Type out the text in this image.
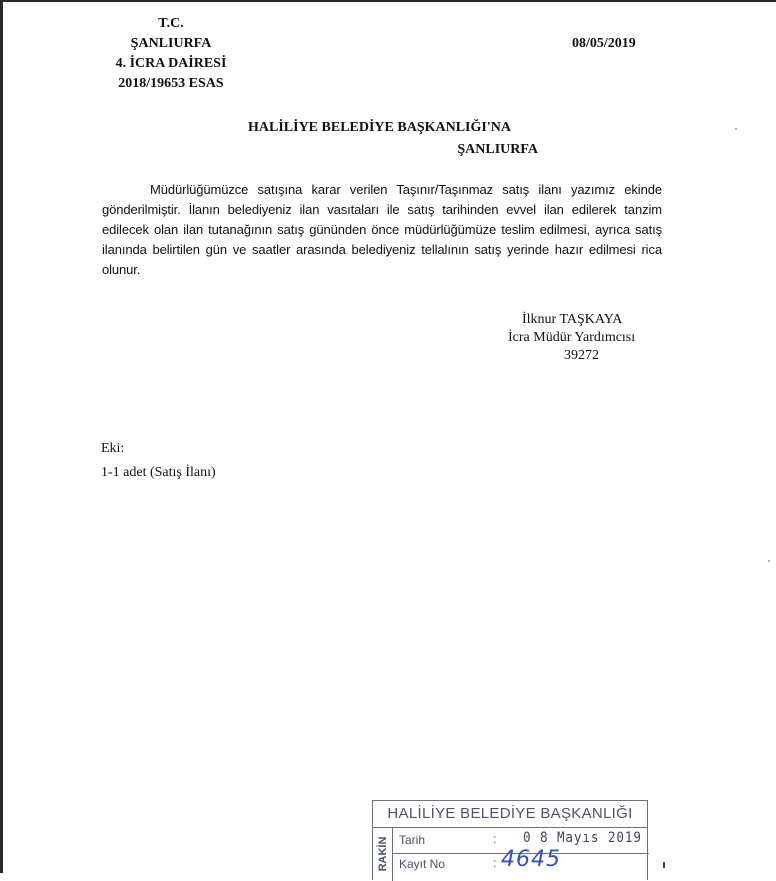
T.C.
ŞANLIURFA
4. İCRA DAİRESİ
2018/19653 ESAS
08/05/2019
HALİLİYE BELEDİYE BAŞKANLIĞI'NA
ŞANLIURFA
Müdürlüğümüzce satışına karar verilen Taşınır/Taşınmaz satış ilanı yazımız ekinde gönderilmiştir. İlanın belediyeniz ilan vasıtaları ile satış tarihinden evvel ilan edilerek tanzim edilecek olan ilan tutanağının satış gününden önce müdürlüğümüze teslim edilmesi, ayrıca satış ilanında belirtilen gün ve saatler arasında belediyeniz tellalının satış yerinde hazır edilmesi rica olunur.
İlknur TAŞKAYA
İcra Müdür Yardımcısı
39272
Eki:
1-1 adet (Satış İlanı)
HALİLİYE BELEDİYE BAŞKANLIĞI
RAKİN Tarih	: 0 8 Mayıs 2019
Kayıt No	: 4645
